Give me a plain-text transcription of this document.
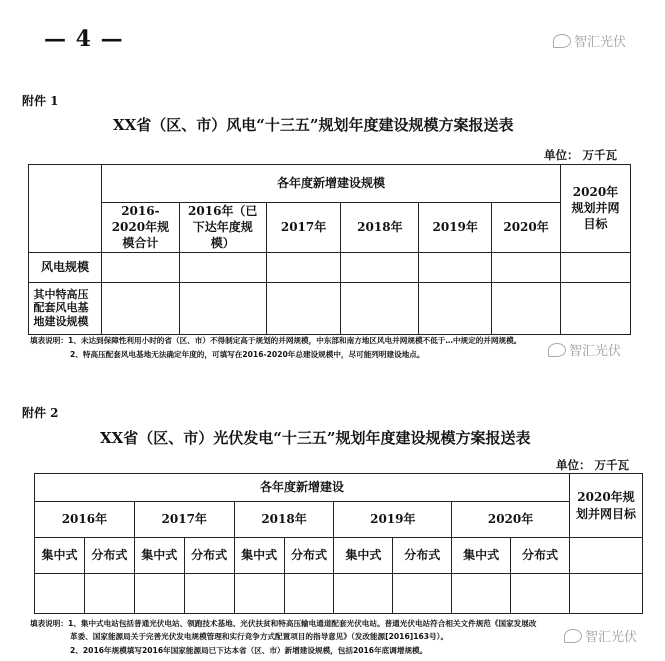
— 4 —	智汇光伏
附件 1
XX省（区、市）风电“十三五”规划年度建设规模方案报送表
单位： 万千瓦
	各年度新增建设规模						2020年规划并网目标

	2016-2020年规模合计	2016年（已下达年度规模）	2017年	2018年	2019年	2020年	
风电规模							

其中特高压配套风电基地建设规模							

填表说明：1、未达到保障性利用小时的省（区、市）不得制定高于规划的并网规模，中东部和南方地区风电并网规模不低于…中规定的并网规模。
2、特高压配套风电基地无法确定年度的，可填写在2016-2020年总建设规模中，尽可能列明建设地点。	智汇光伏
附件 2
XX省（区、市）光伏发电“十三五”规划年度建设规模方案报送表
单位： 万千瓦
各年度新增建设										2020年规划并网目标

2016年		2017年		2018年		2019年		2020年		
集中式	分布式	集中式	分布式	集中式	分布式	集中式	分布式	集中式	分布式	

填表说明：1、集中式电站包括普通光伏电站、领跑技术基地、光伏扶贫和特高压输电通道配套光伏电站。普通光伏电站符合相关文件规范《国家发展改
革委、国家能源局关于完善光伏发电规模管理和实行竞争方式配置项目的指导意见》（发改能源[2016]163号）。
2、2016年规模填写2016年国家能源局已下达本省（区、市）新增建设规模，包括2016年底调增规模。
智汇光伏
